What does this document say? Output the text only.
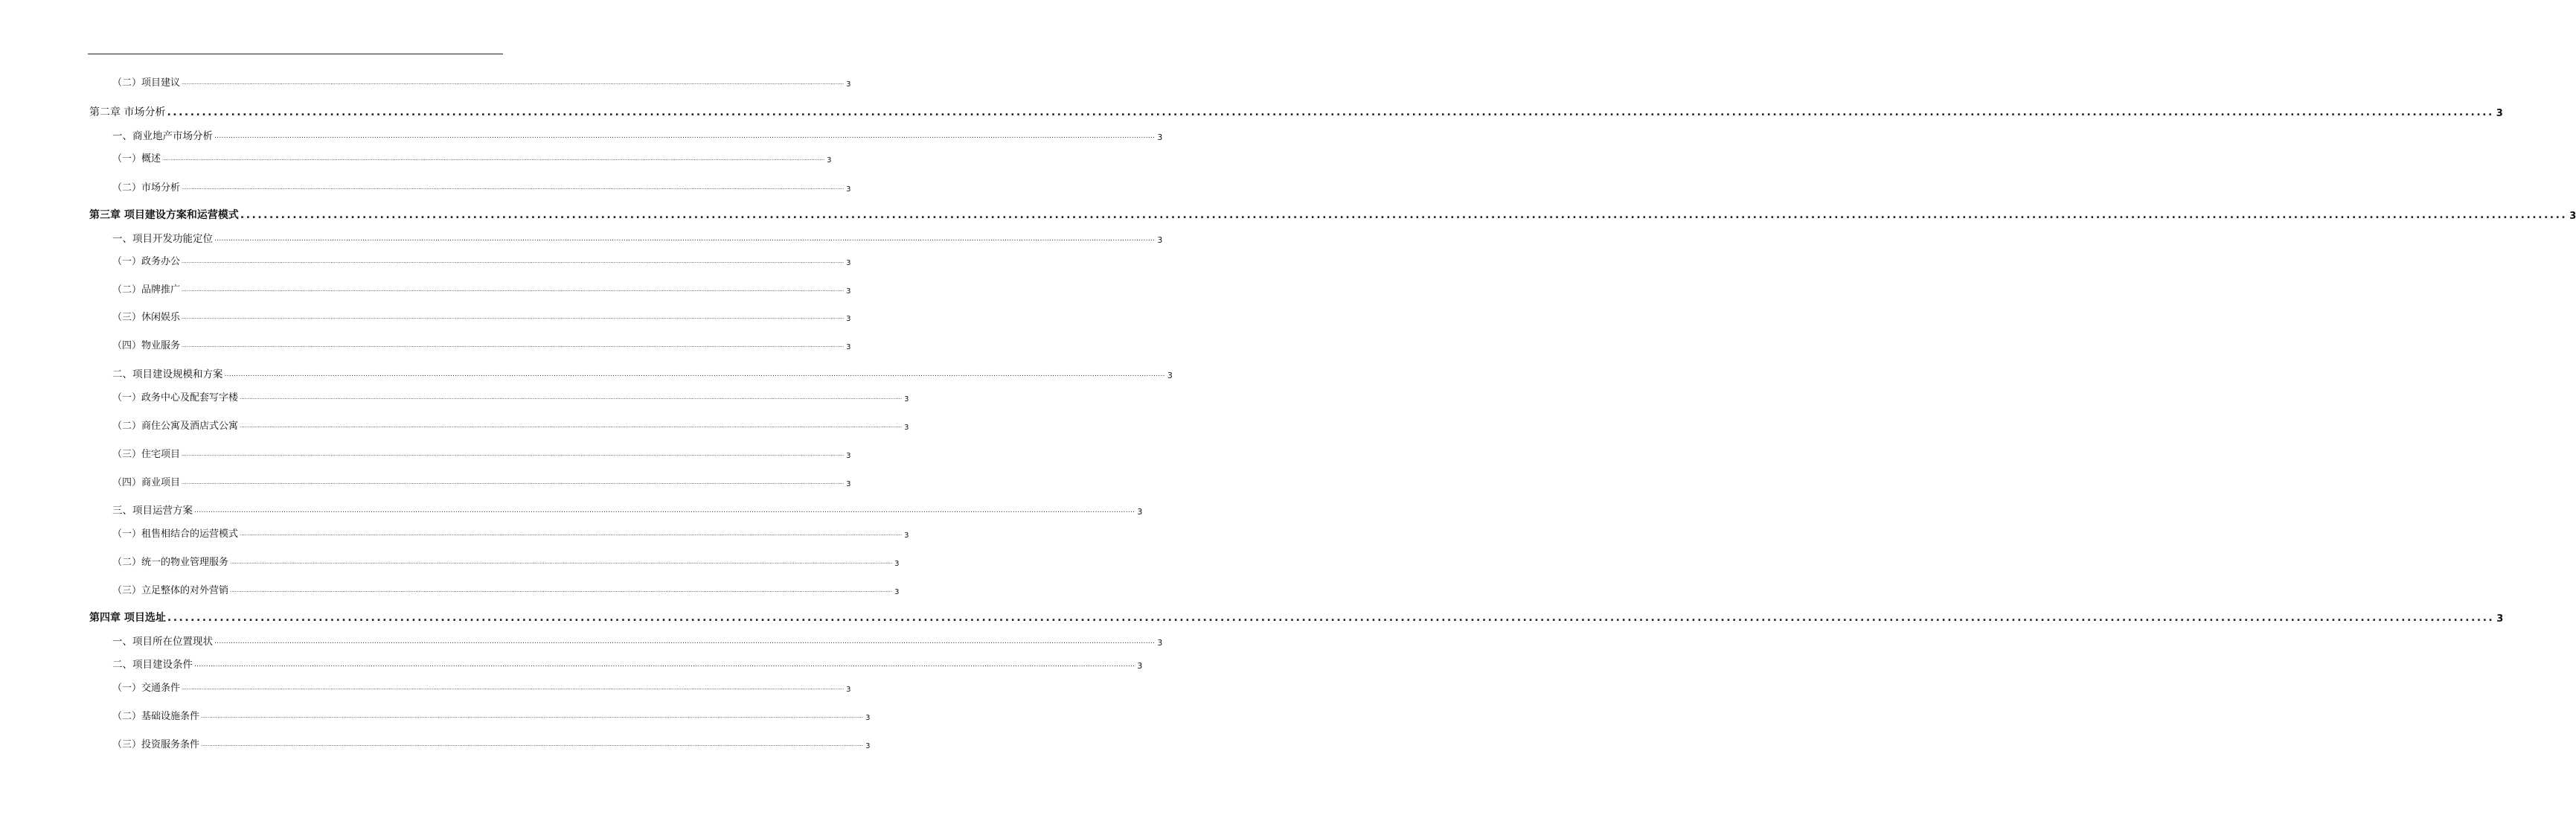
（二）项目建议 ................................................................................................................................................................................................................................................................................................................................................................................................................ 3
第二章 市场分析 ................................................................................................................................................................................................................................................................................................................................................................................................................ 3
一、商业地产市场分析 ................................................................................................................................................................................................................................................................................................................................................................................................................ 3
（一）概述 ................................................................................................................................................................................................................................................................................................................................................................................................................ 3
（二）市场分析 ................................................................................................................................................................................................................................................................................................................................................................................................................ 3
第三章 项目建设方案和运营模式 ................................................................................................................................................................................................................................................................................................................................................................................................................ 3
一、项目开发功能定位 ................................................................................................................................................................................................................................................................................................................................................................................................................ 3
（一）政务办公 ................................................................................................................................................................................................................................................................................................................................................................................................................ 3
（二）品牌推广 ................................................................................................................................................................................................................................................................................................................................................................................................................ 3
（三）休闲娱乐 ................................................................................................................................................................................................................................................................................................................................................................................................................ 3
（四）物业服务 ................................................................................................................................................................................................................................................................................................................................................................................................................ 3
二、项目建设规模和方案 ................................................................................................................................................................................................................................................................................................................................................................................................................ 3
（一）政务中心及配套写字楼 ................................................................................................................................................................................................................................................................................................................................................................................................................ 3
（二）商住公寓及酒店式公寓 ................................................................................................................................................................................................................................................................................................................................................................................................................ 3
（三）住宅项目 ................................................................................................................................................................................................................................................................................................................................................................................................................ 3
（四）商业项目 ................................................................................................................................................................................................................................................................................................................................................................................................................ 3
三、项目运营方案 ................................................................................................................................................................................................................................................................................................................................................................................................................ 3
（一）租售相结合的运营模式 ................................................................................................................................................................................................................................................................................................................................................................................................................ 3
（二）统一的物业管理服务 ................................................................................................................................................................................................................................................................................................................................................................................................................ 3
（三）立足整体的对外营销 ................................................................................................................................................................................................................................................................................................................................................................................................................ 3
第四章 项目选址 ................................................................................................................................................................................................................................................................................................................................................................................................................ 3
一、项目所在位置现状 ................................................................................................................................................................................................................................................................................................................................................................................................................ 3
二、项目建设条件 ................................................................................................................................................................................................................................................................................................................................................................................................................ 3
（一）交通条件 ................................................................................................................................................................................................................................................................................................................................................................................................................ 3
（二）基础设施条件 ................................................................................................................................................................................................................................................................................................................................................................................................................ 3
（三）投资服务条件 ................................................................................................................................................................................................................................................................................................................................................................................................................ 3
